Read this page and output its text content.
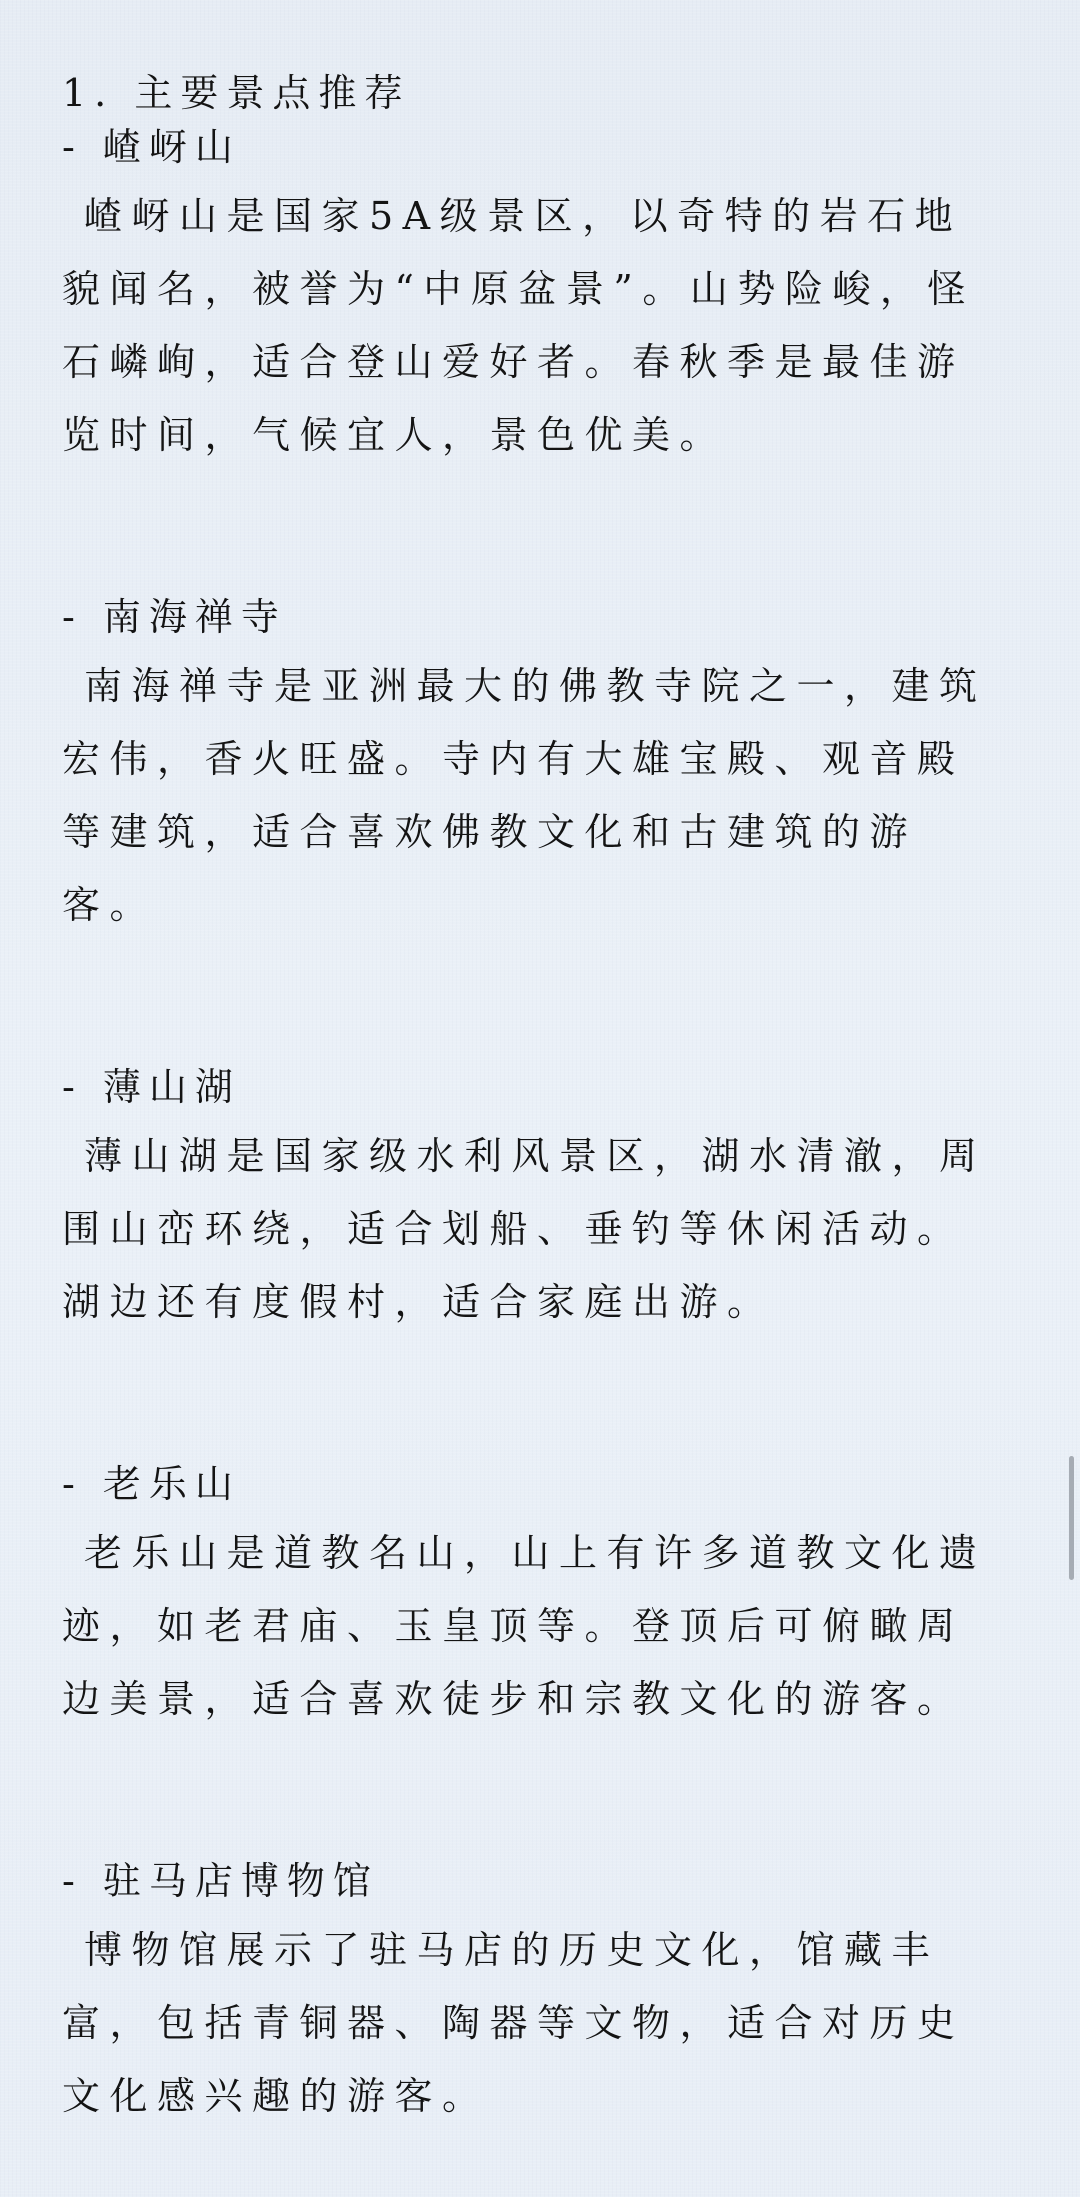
1. 主要景点推荐
- 嵖岈山

嵖岈山是国家5A级景区，以奇特的岩石地貌闻名，被誉为“中原盆景”。山势险峻，怪石嶙峋，适合登山爱好者。春秋季是最佳游览时间，气候宜人，景色优美。

- 南海禅寺

南海禅寺是亚洲最大的佛教寺院之一，建筑宏伟，香火旺盛。寺内有大雄宝殿、观音殿等建筑，适合喜欢佛教文化和古建筑的游客。

- 薄山湖

薄山湖是国家级水利风景区，湖水清澈，周围山峦环绕，适合划船、垂钓等休闲活动。湖边还有度假村，适合家庭出游。

- 老乐山

老乐山是道教名山，山上有许多道教文化遗迹，如老君庙、玉皇顶等。登顶后可俯瞰周边美景，适合喜欢徒步和宗教文化的游客。

- 驻马店博物馆

博物馆展示了驻马店的历史文化，馆藏丰富，包括青铜器、陶器等文物，适合对历史文化感兴趣的游客。
